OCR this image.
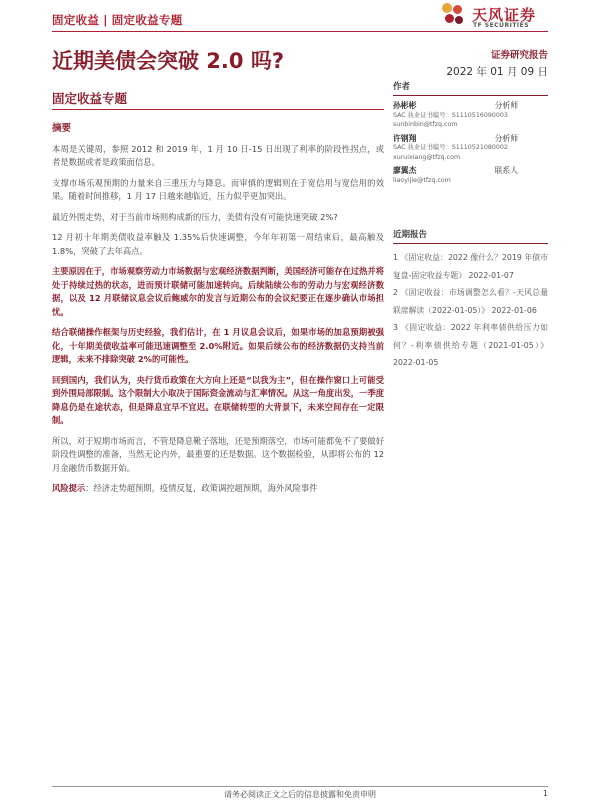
固定收益 | 固定收益专题	天风证券
TF SECURITIES
近期美债会突破 2.0 吗?	证券研究报告
2022 年 01 月 09 日
固定收益专题
摘要

本周是关键周，参照 2012 和 2019 年，1 月 10 日-15 日出现了利率的阶段性拐点，或者是数据或者是政策面信息。

支撑市场乐观预期的力量来自三重压力与降息。而审慎的逻辑则在于宽信用与宽信用的效果。随着时间推移，1 月 17 日越来越临近，压力似乎更加突出。

最近外围走势，对于当前市场则构成新的压力，美债有没有可能快速突破 2%?

12 月初十年期美债收益率触及 1.35%后快速调整，今年年初第一周结束后，最高触及 1.8%，突破了去年高点。

主要原因在于，市场观察劳动力市场数据与宏观经济数据判断，美国经济可能存在过热并将处于持续过热的状态，进而预计联储可能加速转向。后续陆续公布的劳动力与宏观经济数据，以及 12 月联储议息会议后鲍威尔的发言与近期公布的会议纪要正在逐步确认市场担忧。

结合联储操作框架与历史经验，我们估计，在 1 月议息会议后，如果市场的加息预期被强化，十年期美债收益率可能迅速调整至 2.0%附近。如果后续公布的经济数据仍支持当前逻辑，未来不排除突破 2%的可能性。

回到国内，我们认为，央行货币政策在大方向上还是“以我为主”，但在操作窗口上可能受到外围局部限制。这个限制大小取决于国际资金流动与汇率情况。从这一角度出发，一季度降息仍是在途状态，但是降息宜早不宜迟。在联储转型的大背景下，未来空间存在一定限制。

所以，对于短期市场而言，不管是降息靴子落地，还是预期落空，市场可能都免不了要做好阶段性调整的准备，当然无论内外，最重要的还是数据。这个数据检验，从即将公布的 12 月金融货币数据开始。

风险提示：经济走势超预期，疫情反复，政策调控超预期，海外风险事件

作者
孙彬彬	分析师
SAC 执业证书编号：S1110516090003
sunbinbin@tfzq.com
许钢翔	分析师
SAC 执业证书编号：S1110521080002
xuruixiang@tfzq.com
廖翼杰	联系人
liaoyijie@tfzq.com
近期报告
1 《固定收益：2022 像什么？2019 年债市复盘-固定收益专题》 2022-01-07
2 《固定收益：市场调整怎么看？-天风总量联席解读（2022-01-05）》 2022-01-06
3 《固定收益：2022 年利率债供给压力如何？-利率债供给专题（2021-01-05）》 2022-01-05
请务必阅读正文之后的信息披露和免责申明	1
